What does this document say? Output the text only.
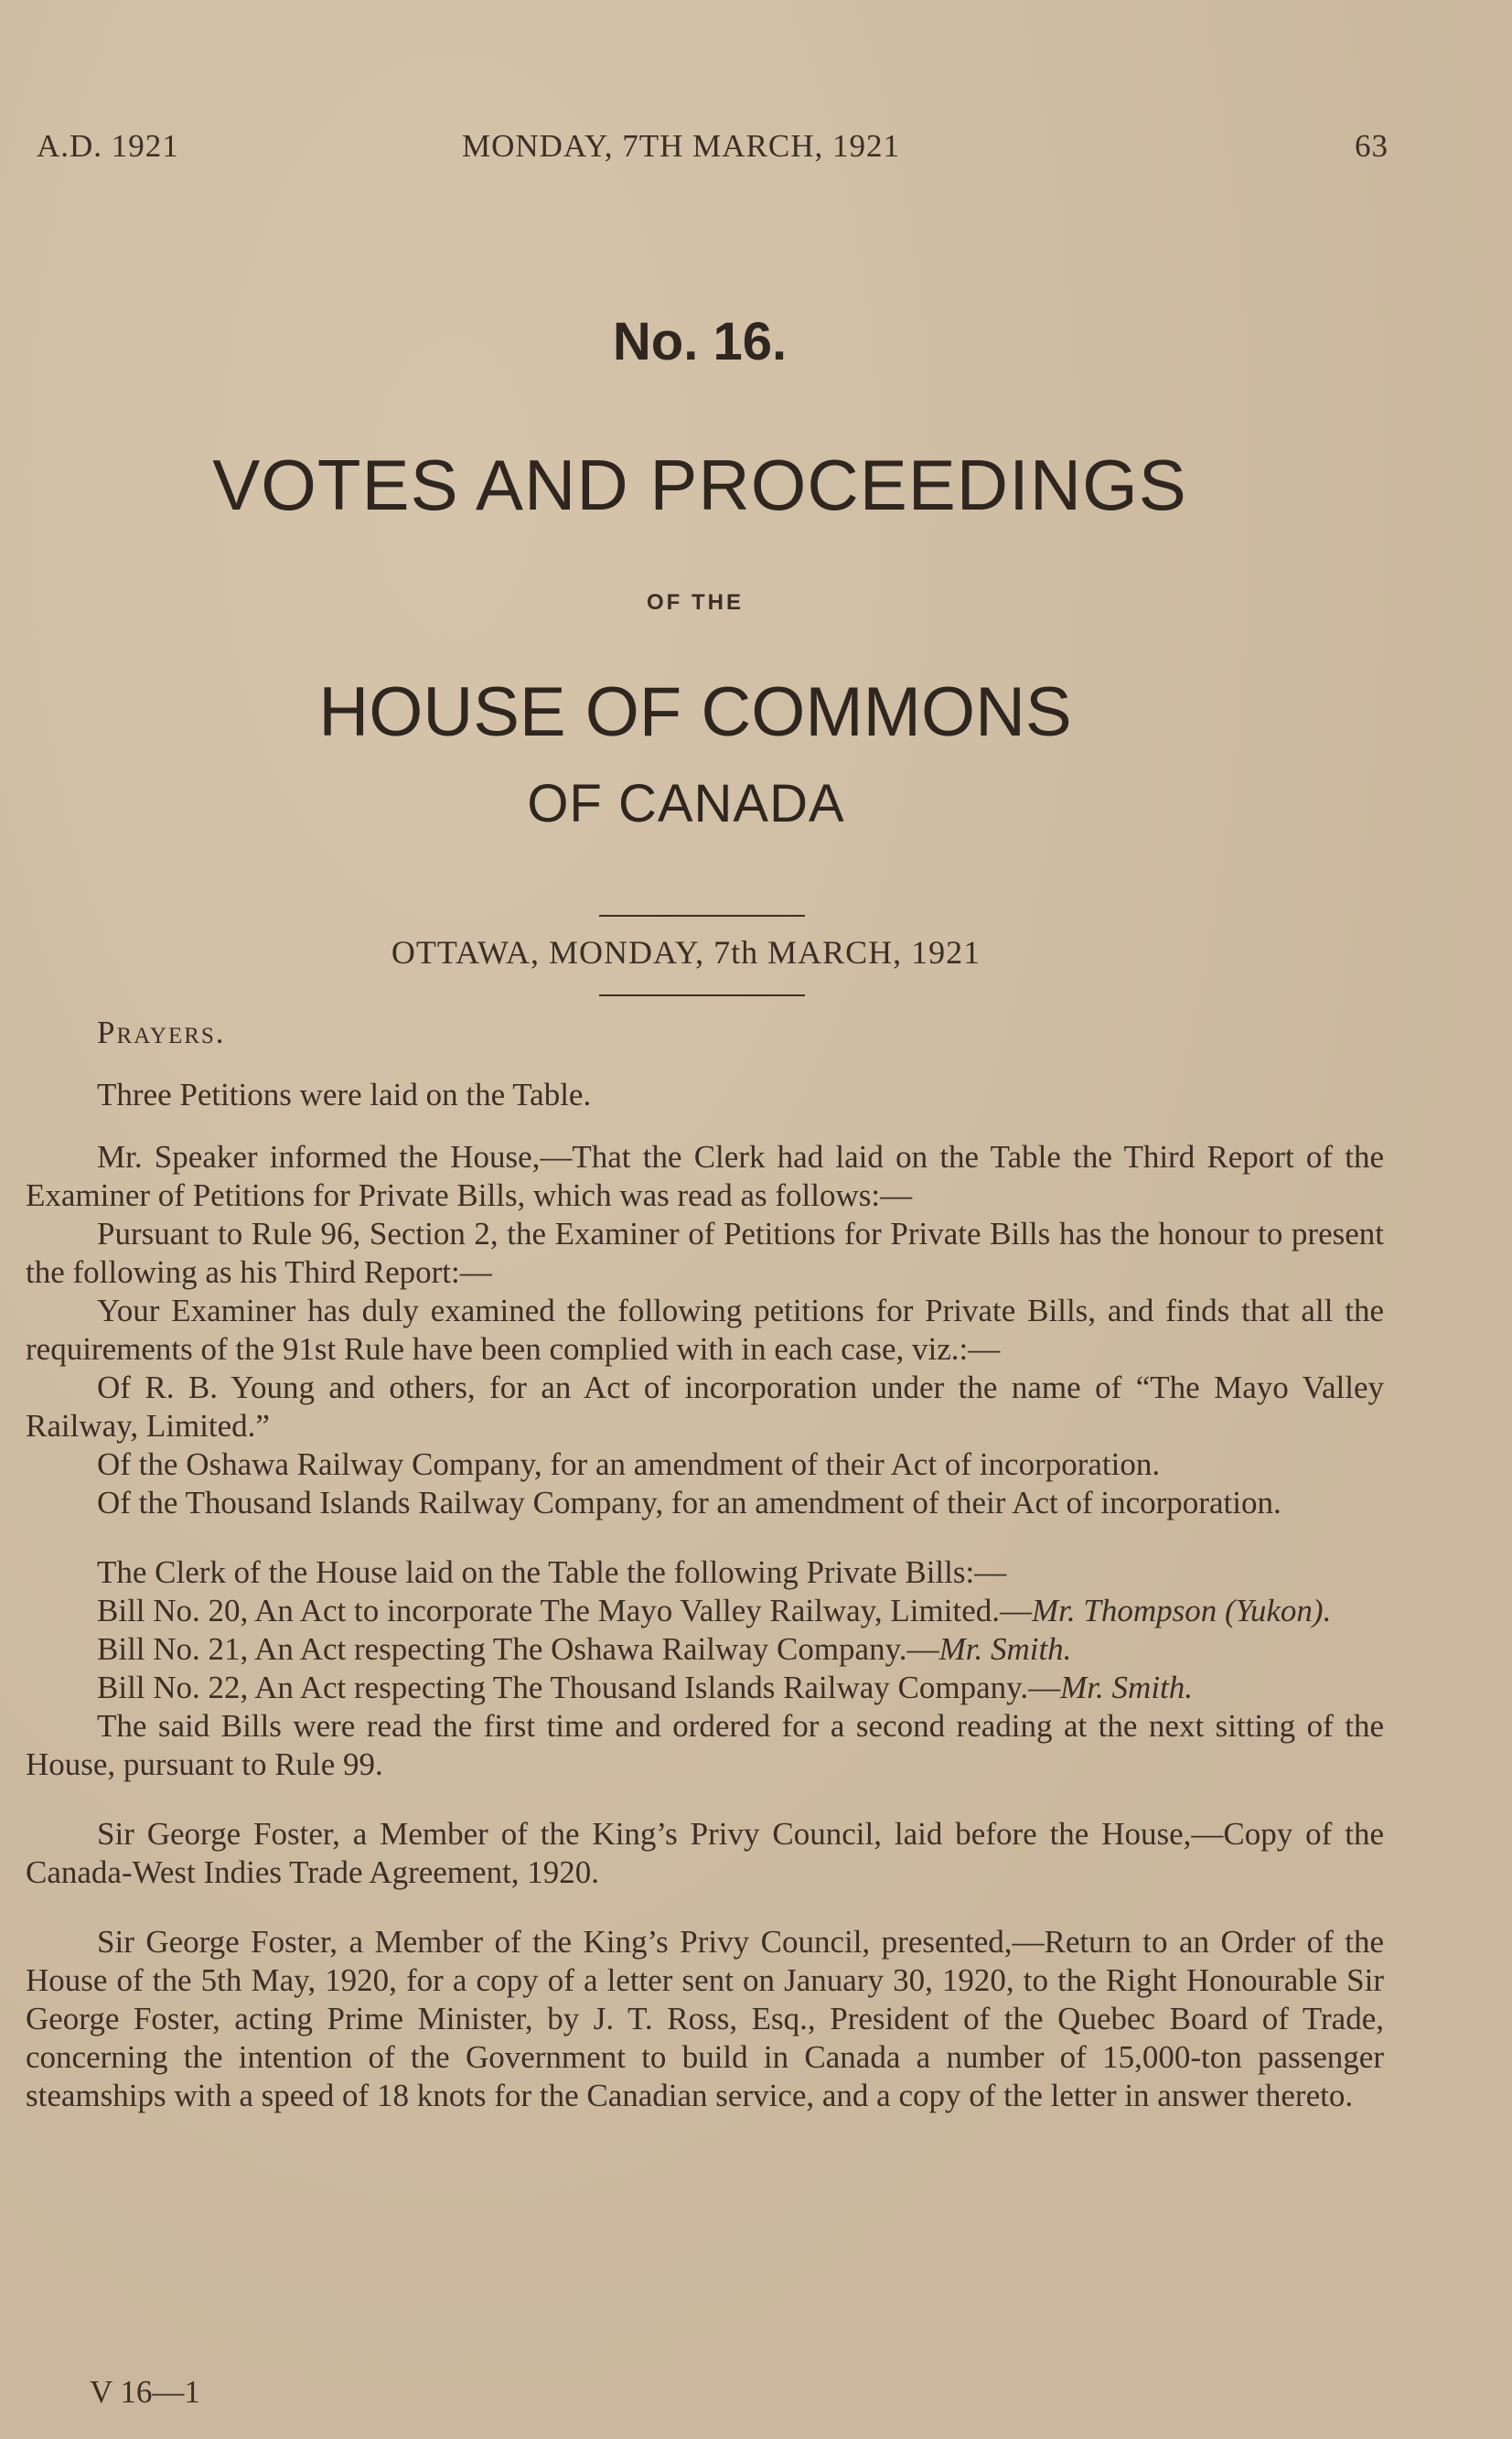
A.D. 1921	MONDAY, 7TH MARCH, 1921	63
No. 16.
VOTES AND PROCEEDINGS
OF THE
HOUSE OF COMMONS
OF CANADA
OTTAWA, MONDAY, 7th MARCH, 1921

Prayers.

Three Petitions were laid on the Table.

Mr. Speaker informed the House,—That the Clerk had laid on the Table the Third Report of the Examiner of Petitions for Private Bills, which was read as follows:—

Pursuant to Rule 96, Section 2, the Examiner of Petitions for Private Bills has the honour to present the following as his Third Report:—

Your Examiner has duly examined the following petitions for Private Bills, and finds that all the requirements of the 91st Rule have been complied with in each case, viz.:—

Of R. B. Young and others, for an Act of incorporation under the name of “The Mayo Valley Railway, Limited.”

Of the Oshawa Railway Company, for an amendment of their Act of incorporation.

Of the Thousand Islands Railway Company, for an amendment of their Act of incorporation.

The Clerk of the House laid on the Table the following Private Bills:—

Bill No. 20, An Act to incorporate The Mayo Valley Railway, Limited.—Mr. Thompson (Yukon).

Bill No. 21, An Act respecting The Oshawa Railway Company.—Mr. Smith.

Bill No. 22, An Act respecting The Thousand Islands Railway Company.—Mr. Smith.

The said Bills were read the first time and ordered for a second reading at the next sitting of the House, pursuant to Rule 99.

Sir George Foster, a Member of the King’s Privy Council, laid before the House,—Copy of the Canada-West Indies Trade Agreement, 1920.

Sir George Foster, a Member of the King’s Privy Council, presented,—Return to an Order of the House of the 5th May, 1920, for a copy of a letter sent on January 30, 1920, to the Right Honourable Sir George Foster, acting Prime Minister, by J. T. Ross, Esq., President of the Quebec Board of Trade, concerning the intention of the Government to build in Canada a number of 15,000-ton passenger steamships with a speed of 18 knots for the Canadian service, and a copy of the letter in answer thereto.

V 16—1
